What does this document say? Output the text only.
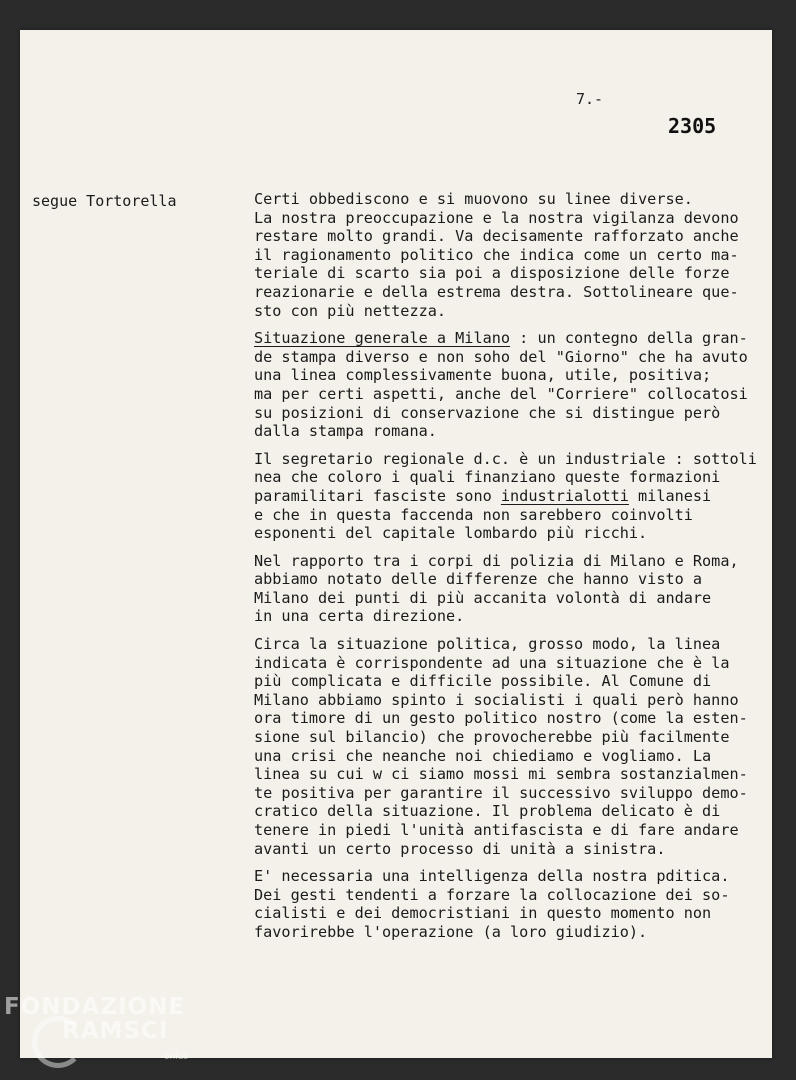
7.-
2305
segue Tortorella	Certi obbediscono e si muovono su linee diverse.
La nostra preoccupazione e la nostra vigilanza devono
restare molto grandi. Va decisamente rafforzato anche
il ragionamento politico che indica come un certo ma-
teriale di scarto sia poi a disposizione delle forze
reazionarie e della estrema destra. Sottolineare que-
sto con più nettezza.
Situazione generale a Milano : un contegno della gran-
de stampa diverso e non soho del "Giorno" che ha avuto
una linea complessivamente buona, utile, positiva;
ma per certi aspetti, anche del "Corriere" collocatosi
su posizioni di conservazione che si distingue però
dalla stampa romana.
Il segretario regionale d.c. è un industriale : sottoli
nea che coloro i quali finanziano queste formazioni
paramilitari fasciste sono industrialotti milanesi
e che in questa faccenda non sarebbero coinvolti
esponenti del capitale lombardo più ricchi.
Nel rapporto tra i corpi di polizia di Milano e Roma,
abbiamo notato delle differenze che hanno visto a
Milano dei punti di più accanita volontà di andare
in una certa direzione.
Circa la situazione politica, grosso modo, la linea
indicata è corrispondente ad una situazione che è la
più complicata e difficile possibile. Al Comune di
Milano abbiamo spinto i socialisti i quali però hanno
ora timore di un gesto politico nostro (come la esten-
sione sul bilancio) che provocherebbe più facilmente
una crisi che neanche noi chiediamo e vogliamo. La
linea su cui w ci siamo mossi mi sembra sostanzialmen-
te positiva per garantire il successivo sviluppo demo-
cratico della situazione. Il problema delicato è di
tenere in piedi l'unità antifascista e di fare andare
avanti un certo processo di unità a sinistra.
E' necessaria una intelligenza della nostra pditica.
Dei gesti tendenti a forzare la collocazione dei so-
cialisti e dei democristiani in questo momento non
favorirebbe l'operazione (a loro giudizio).
FONDAZIONE
RAMSCI
onlus
